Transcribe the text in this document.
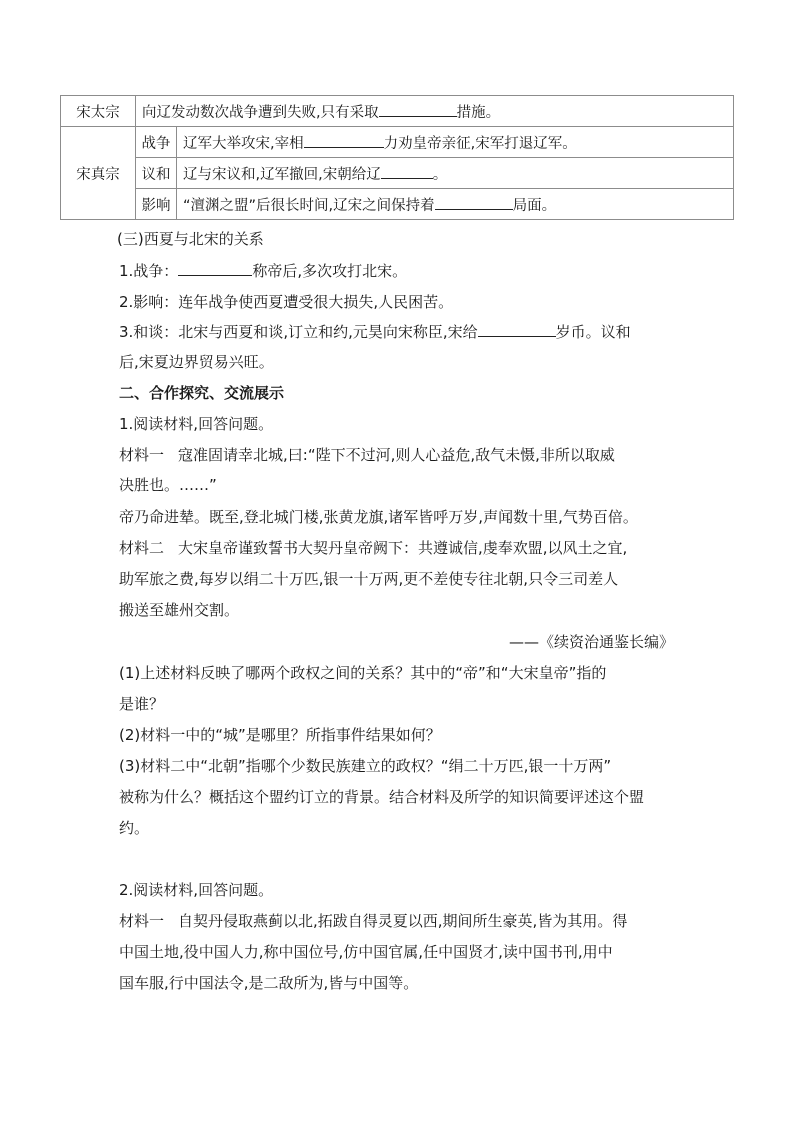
宋太宗	向辽发动数次战争遭到失败,只有采取 措施。	
宋真宗	战争	辽军大举攻宋,宰相 力劝皇帝亲征,宋军打退辽军。
	议和	辽与宋议和,辽军撤回,宋朝给辽 。
	影响	“澶渊之盟”后很长时间,辽宋之间保持着 局面。
(三)西夏与北宋的关系
1.战争：	称帝后,多次攻打北宋。
2.影响：连年战争使西夏遭受很大损失,人民困苦。
3.和谈：北宋与西夏和谈,订立和约,元昊向宋称臣,宋给	岁币。议和
后,宋夏边界贸易兴旺。
二、合作探究、交流展示
1.阅读材料,回答问题。
材料一 寇准固请幸北城,曰:“陛下不过河,则人心益危,敌气未慑,非所以取威
决胜也。……”
帝乃命进辇。既至,登北城门楼,张黄龙旗,诸军皆呼万岁,声闻数十里,气势百倍。
材料二 大宋皇帝谨致誓书大契丹皇帝阙下：共遵诚信,虔奉欢盟,以风土之宜,
助军旅之费,每岁以绢二十万匹,银一十万两,更不差使专往北朝,只令三司差人
搬送至雄州交割。
——《续资治通鉴长编》
(1)上述材料反映了哪两个政权之间的关系？其中的“帝”和“大宋皇帝”指的
是谁？
(2)材料一中的“城”是哪里？所指事件结果如何？
(3)材料二中“北朝”指哪个少数民族建立的政权？“绢二十万匹,银一十万两”
被称为什么？概括这个盟约订立的背景。结合材料及所学的知识简要评述这个盟
约。
2.阅读材料,回答问题。
材料一 自契丹侵取燕蓟以北,拓跋自得灵夏以西,期间所生豪英,皆为其用。得
中国土地,役中国人力,称中国位号,仿中国官属,任中国贤才,读中国书刊,用中
国车服,行中国法令,是二敌所为,皆与中国等。
